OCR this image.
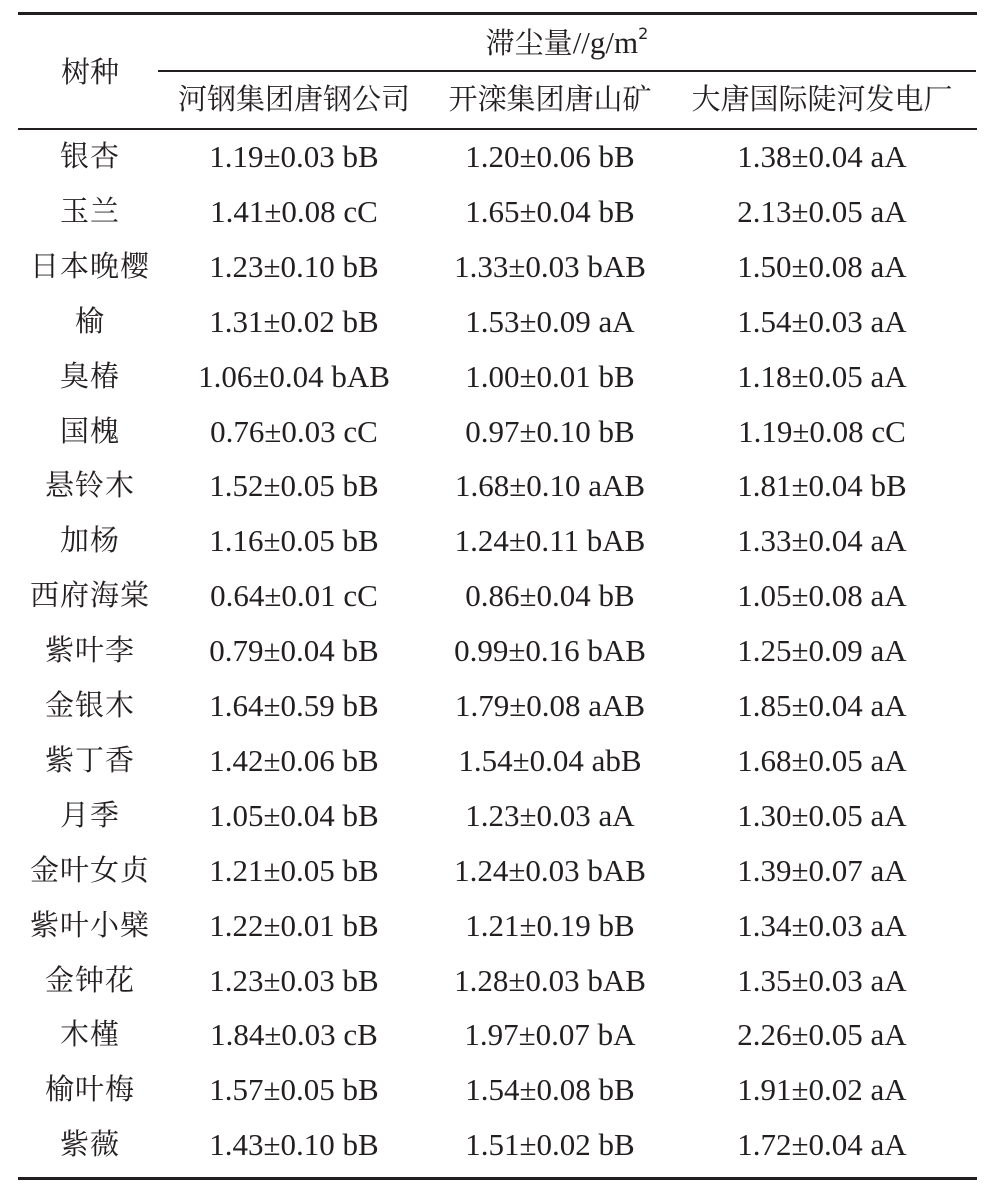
树种
滞尘量$//g/m^2$
河钢集团唐钢公司 开滦集团唐山矿 大唐国际陡河发电厂
银杏	1.19±0.03 bB	1.20±0.06 bB	1.38±0.04 aA
玉兰	1.41±0.08 cC	1.65±0.04 bB	2.13±0.05 aA
日本晚樱 1.23±0.10 bB 1.33±0.03 bAB	1.50±0.08 aA
榆	1.31±0.02 bB	1.53±0.09 aA	1.54±0.03 aA
臭椿	1.06±0.04 bAB 1.00±0.01 bB	1.18±0.05 aA
国槐	0.76±0.03 cC	0.97±0.10 bB	1.19±0.08 cC
悬铃木 1.52±0.05 bB 1.68±0.10 aAB	1.81±0.04 bB
加杨	1.16±0.05 bB 1.24±0.11 bAB	1.33±0.04 aA
西府海棠 0.64±0.01 cC	0.86±0.04 bB	1.05±0.08 aA
紫叶李 0.79±0.04 bB 0.99±0.16 bAB	1.25±0.09 aA
金银木 1.64±0.59 bB 1.79±0.08 aAB	1.85±0.04 aA
紫丁香 1.42±0.06 bB	1.54±0.04 abB	1.68±0.05 aA
月季	1.05±0.04 bB	1.23±0.03 aA	1.30±0.05 aA
金叶女贞 1.21±0.05 bB 1.24±0.03 bAB	1.39±0.07 aA
紫叶小檗 1.22±0.01 bB	1.21±0.19 bB	1.34±0.03 aA
金钟花 1.23±0.03 bB 1.28±0.03 bAB	1.35±0.03 aA
木槿	1.84±0.03 cB	1.97±0.07 bA	2.26±0.05 aA
榆叶梅 1.57±0.05 bB	1.54±0.08 bB	1.91±0.02 aA
紫薇	1.43±0.10 bB	1.51±0.02 bB	1.72±0.04 aA
